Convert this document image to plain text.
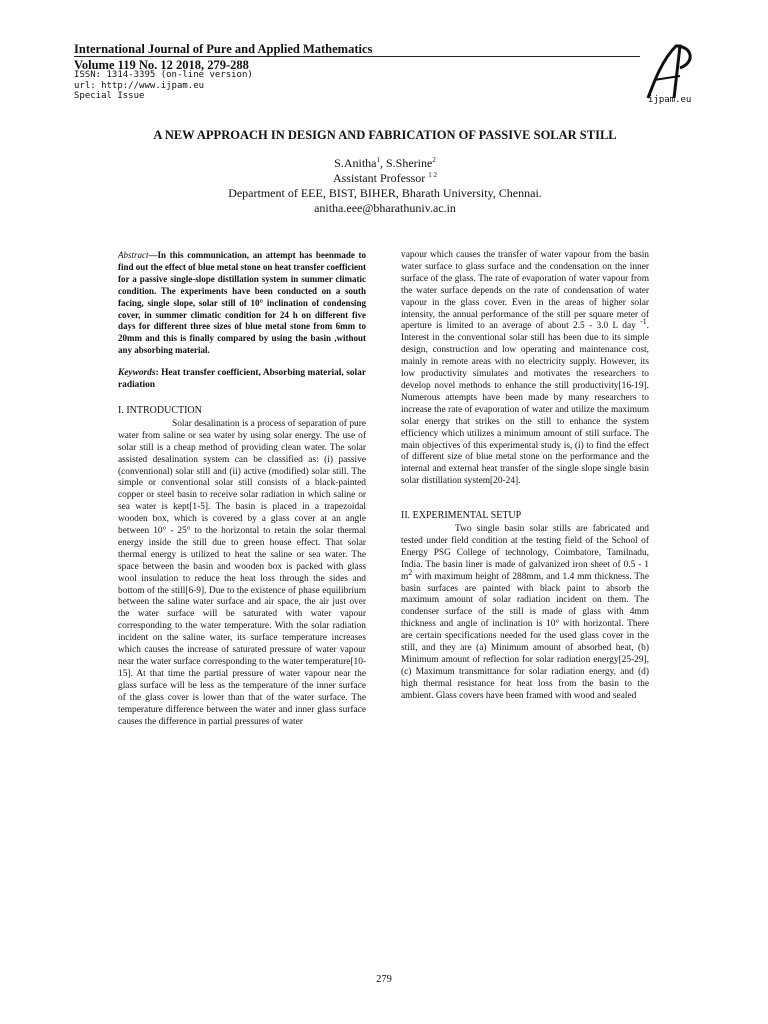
International Journal of Pure and Applied Mathematics
Volume 119 No. 12 2018, 279-288
ISSN: 1314-3395 (on-line version)
url: http://www.ijpam.eu
Special Issue	ijpam.eu
A NEW APPROACH IN DESIGN AND FABRICATION OF PASSIVE SOLAR STILL
S.Anitha$^1$, S.Sherine$^2$
Assistant Professor $^{1 2}$
Department of EEE, BIST, BIHER, Bharath University, Chennai.
anitha.eee@bharathuniv.ac.in

Abstract—In this communication, an attempt has beenmade to find out the effect of blue metal stone on heat transfer coefficient for a passive single-slope distillation system in summer climatic condition. The experiments have been conducted on a south facing, single slope, solar still of 10° inclination of condensing cover, in summer climatic condition for 24 h on different five days for different three sizes of blue metal stone from 6mm to 20mm and this is finally compared by using the basin ,without any absorbing material.

Keywords: Heat transfer coefficient, Absorbing material, solar radiation

I. INTRODUCTION

Solar desalination is a process of separation of pure water from saline or sea water by using solar energy. The use of solar still is a cheap method of providing clean water. The solar assisted desalination system can be classified as: (i) passive (conventional) solar still and (ii) active (modified) solar still. The simple or conventional solar still consists of a black-painted copper or steel basin to receive solar radiation in which saline or sea water is kept[1-5]. The basin is placed in a trapezoidal wooden box, which is covered by a glass cover at an angle between 10° - 25° to the horizontal to retain the solar thermal energy inside the still due to green house effect. That solar thermal energy is utilized to heat the saline or sea water. The space between the basin and wooden box is packed with glass wool insulation to reduce the heat loss through the sides and bottom of the still[6-9]. Due to the existence of phase equilibrium between the saline water surface and air space, the air just over the water surface will be saturated with water vapour corresponding to the water temperature. With the solar radiation incident on the saline water, its surface temperature increases which causes the increase of saturated pressure of water vapour near the water surface corresponding to the water temperature[10-15]. At that time the partial pressure of water vapour near the glass surface will be less as the temperature of the inner surface of the glass cover is lower than that of the water surface. The temperature difference between the water and inner glass surface causes the difference in partial pressures of water

vapour which causes the transfer of water vapour from the basin water surface to glass surface and the condensation on the inner surface of the glass. The rate of evaporation of water vapour from the water surface depends on the rate of condensation of water vapour in the glass cover. Even in the areas of higher solar intensity, the annual performance of the still per square meter of aperture is limited to an average of about 2.5 - 3.0 L day $^{-1}$. Interest in the conventional solar still has been due to its simple design, construction and low operating and maintenance cost, mainly in remote areas with no electricity supply. However, its low productivity simulates and motivates the researchers to develop novel methods to enhance the still productivity[16-19]. Numerous attempts have been made by many researchers to increase the rate of evaporation of water and utilize the maximum solar energy that strikes on the still to enhance the system efficiency which utilizes a minimum amount of still surface. The main objectives of this experimental study is, (i) to find the effect of different size of blue metal stone on the performance and the internal and external heat transfer of the single slope single basin solar distillation system[20-24].

II. EXPERIMENTAL SETUP

Two single basin solar stills are fabricated and tested under field condition at the testing field of the School of Energy PSG College of technology, Coimbatore, Tamilnadu, India. The basin liner is made of galvanized iron sheet of 0.5 - 1 $m^2$ with maximum height of 288mm, and 1.4 mm thickness. The basin surfaces are painted with black paint to absorb the maximum amount of solar radiation incident on them. The condenser surface of the still is made of glass with 4mm thickness and angle of inclination is 10° with horizontal. There are certain specifications needed for the used glass cover in the still, and they are (a) Minimum amount of absorbed heat, (b) Minimum amount of reflection for solar radiation energy[25-29], (c) Maximum transmittance for solar radiation energy, and (d) high thermal resistance for heat loss from the basin to the ambient. Glass covers have been framed with wood and sealed

279
